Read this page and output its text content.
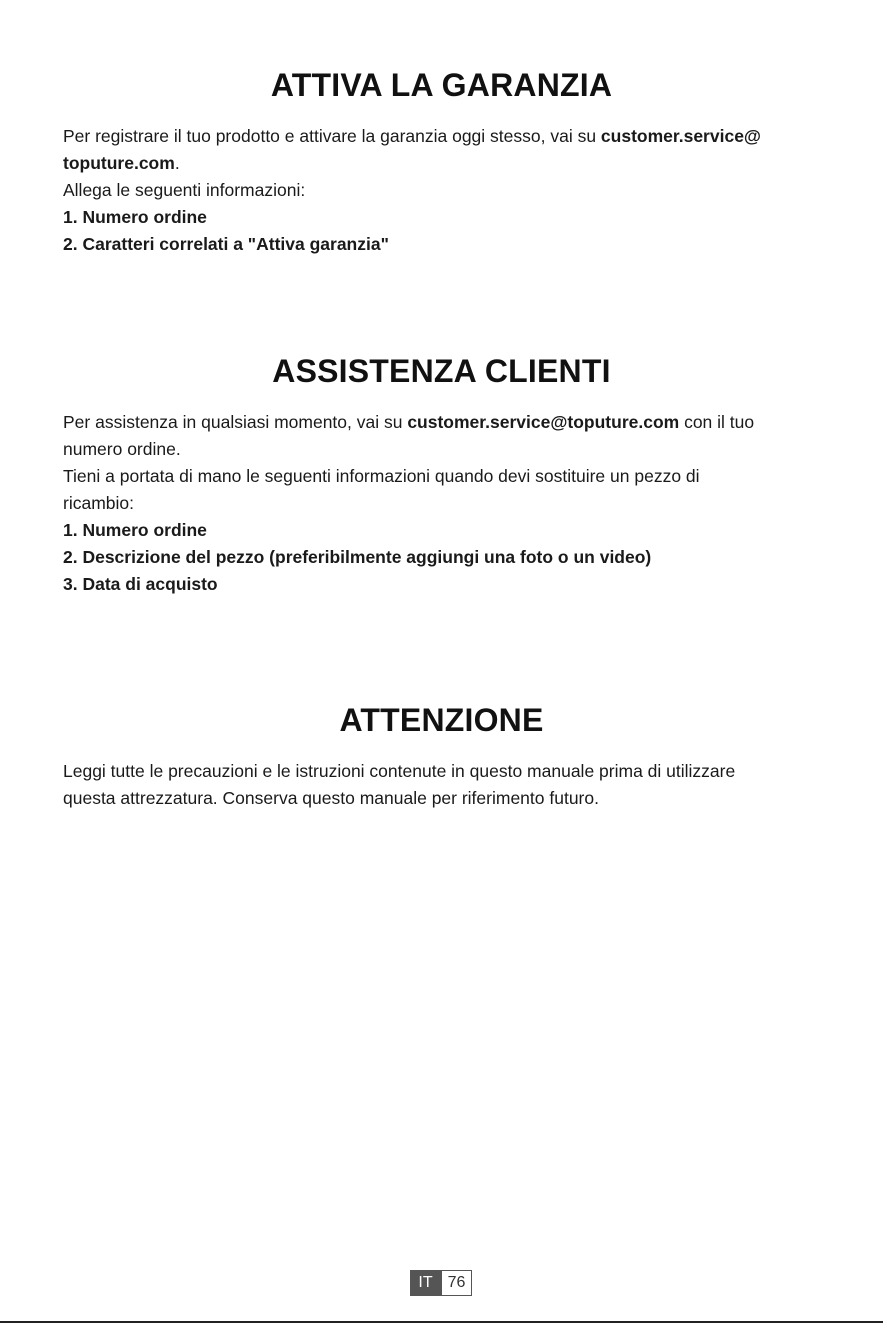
ATTIVA LA GARANZIA

Per registrare il tuo prodotto e attivare la garanzia oggi stesso, vai su customer.service@

toputure.com.

Allega le seguenti informazioni:

1. Numero ordine

2. Caratteri correlati a "Attiva garanzia"

ASSISTENZA CLIENTI

Per assistenza in qualsiasi momento, vai su customer.service@toputure.com con il tuo

numero ordine.

Tieni a portata di mano le seguenti informazioni quando devi sostituire un pezzo di

ricambio:

1. Numero ordine

2. Descrizione del pezzo (preferibilmente aggiungi una foto o un video)

3. Data di acquisto

ATTENZIONE

Leggi tutte le precauzioni e le istruzioni contenute in questo manuale prima di utilizzare

questa attrezzatura. Conserva questo manuale per riferimento futuro.

IT 76
